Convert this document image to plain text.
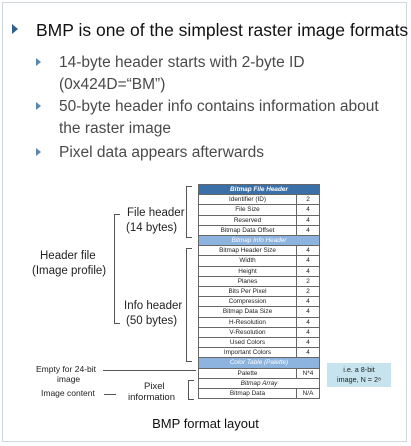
BMP is one of the simplest raster image formats
14-byte header starts with 2-byte ID
(0x424D=“BM”)
50-byte header info contains information about
the raster image
Pixel data appears afterwards
File header
(14 bytes)
Header file
(Image profile)
Info header
(50 bytes)
Empty for 24-bit
image
Image content
Pixel
information
Bitmap File Header	
Identifier (ID)	2
File Size	4
Reserved	4
Bitmap Data Offset	4
Bitmap Info Header	
Bitmap Header Size	4
Width	4
Height	4
Planes	2
Bits Per Pixel	2
Compression	4
Bitmap Data Size	4
H-Resolution	4
V-Resolution	4
Used Colors	4
Important Colors	4
Color Table (Palette)	
Palette	N*4
Bitmap Array	
Bitmap Data	N/A
i.e. a 8-bit
image, N = 2⁸
BMP format layout
